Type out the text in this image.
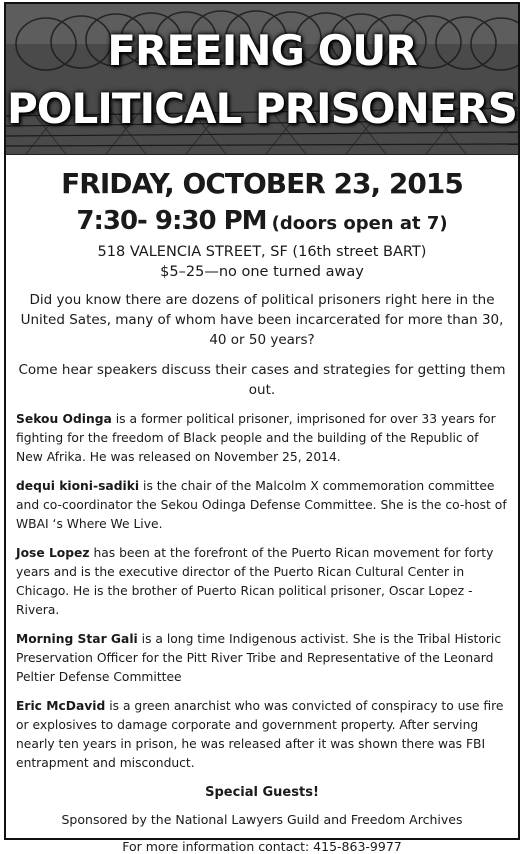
FREEING OUR
POLITICAL PRISONERS
FRIDAY, OCTOBER 23, 2015
7:30- 9:30 PM (doors open at 7)
518 VALENCIA STREET, SF (16th street BART)
$5–25—no one turned away
Did you know there are dozens of political prisoners right here in the United Sates, many of whom have been incarcerated for more than 30, 40 or 50 years?
Come hear speakers discuss their cases and strategies for getting them out.
Sekou Odinga is a former political prisoner, imprisoned for over 33 years for fighting for the freedom of Black people and the building of the Republic of New Afrika. He was released on November 25, 2014.
dequi kioni-sadiki is the chair of the Malcolm X commemoration committee and co-coordinator the Sekou Odinga Defense Committee. She is the co-host of WBAI ‘s Where We Live.
Jose Lopez has been at the forefront of the Puerto Rican movement for forty years and is the executive director of the Puerto Rican Cultural Center in Chicago. He is the brother of Puerto Rican political prisoner, Oscar Lopez -Rivera.
Morning Star Gali is a long time Indigenous activist. She is the Tribal Historic Preservation Officer for the Pitt River Tribe and Representative of the Leonard Peltier Defense Committee
Eric McDavid is a green anarchist who was convicted of conspiracy to use fire or explosives to damage corporate and government property. After serving nearly ten years in prison, he was released after it was shown there was FBI entrapment and misconduct.
Special Guests!
Sponsored by the National Lawyers Guild and Freedom Archives
For more information contact: 415-863-9977
